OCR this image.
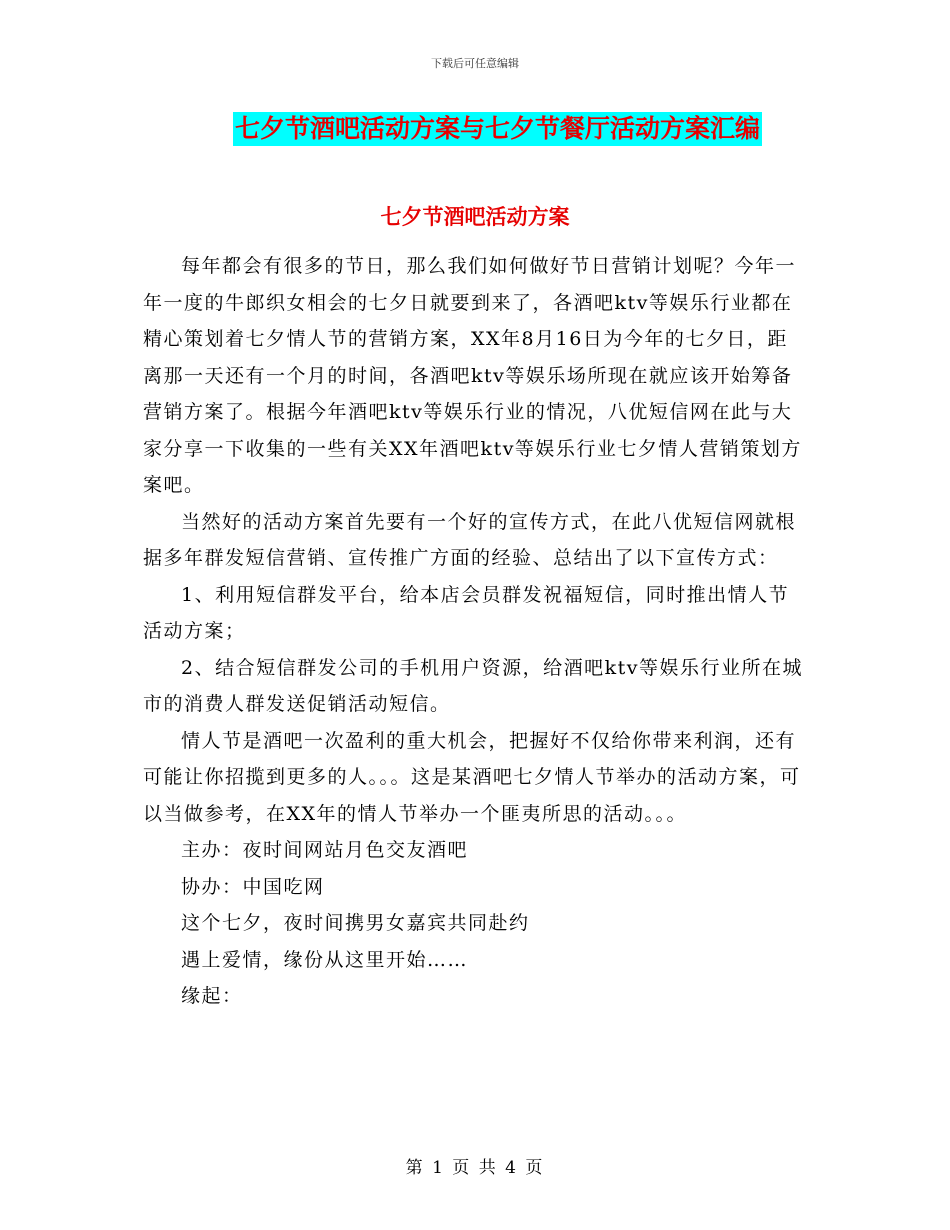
下载后可任意编辑
七夕节酒吧活动方案与七夕节餐厅活动方案汇编
七夕节酒吧活动方案

每年都会有很多的节日，那么我们如何做好节日营销计划呢？今年一年一度的牛郎织女相会的七夕日就要到来了，各酒吧ktv等娱乐行业都在精心策划着七夕情人节的营销方案，XX年8月16日为今年的七夕日，距离那一天还有一个月的时间，各酒吧ktv等娱乐场所现在就应该开始筹备营销方案了。根据今年酒吧ktv等娱乐行业的情况，八优短信网在此与大家分享一下收集的一些有关XX年酒吧ktv等娱乐行业七夕情人营销策划方案吧。

当然好的活动方案首先要有一个好的宣传方式，在此八优短信网就根据多年群发短信营销、宣传推广方面的经验、总结出了以下宣传方式：

1、利用短信群发平台，给本店会员群发祝福短信，同时推出情人节活动方案；

2、结合短信群发公司的手机用户资源，给酒吧ktv等娱乐行业所在城市的消费人群发送促销活动短信。

情人节是酒吧一次盈利的重大机会，把握好不仅给你带来利润，还有可能让你招揽到更多的人。。。这是某酒吧七夕情人节举办的活动方案，可以当做参考，在XX年的情人节举办一个匪夷所思的活动。。。

主办：夜时间网站月色交友酒吧

协办：中国吃网

这个七夕，夜时间携男女嘉宾共同赴约

遇上爱情，缘份从这里开始……

缘起：

第 1 页 共 4 页
